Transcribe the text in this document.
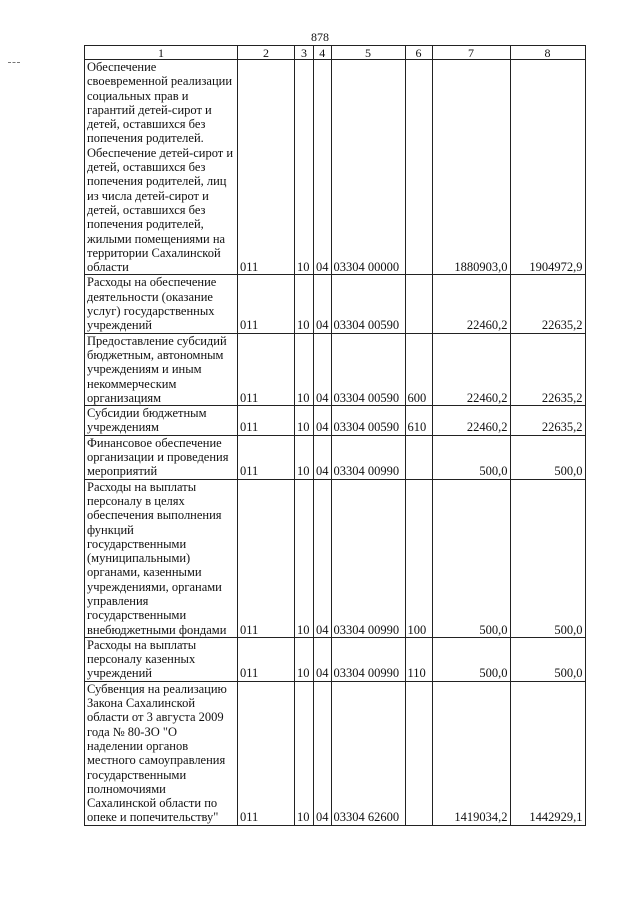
878
1	2	3	4	5	6	7	8
Обеспечение своевременной реализации социальных прав и гарантий детей-сирот и детей, оставшихся без попечения родителей. Обеспечение детей-сирот и детей, оставшихся без попечения родителей, лиц из числа детей-сирот и детей, оставшихся без попечения родителей, жилыми помещениями на территории Сахалинской области	011	10	04	03304 00000		1880903,0	1904972,9
Расходы на обеспечение деятельности (оказание услуг) государственных учреждений	011	10	04	03304 00590		22460,2	22635,2
Предоставление субсидий бюджетным, автономным учреждениям и иным некоммерческим организациям	011	10	04	03304 00590	600	22460,2	22635,2
Субсидии бюджетным учреждениям	011	10	04	03304 00590	610	22460,2	22635,2
Финансовое обеспечение организации и проведения мероприятий	011	10	04	03304 00990		500,0	500,0
Расходы на выплаты персоналу в целях обеспечения выполнения функций государственными (муниципальными) органами, казенными учреждениями, органами управления государственными внебюджетными фондами	011	10	04	03304 00990	100	500,0	500,0
Расходы на выплаты персоналу казенных учреждений	011	10	04	03304 00990	110	500,0	500,0
Субвенция на реализацию Закона Сахалинской области от 3 августа 2009 года № 80-ЗО "О наделении органов местного самоуправления государственными полномочиями Сахалинской области по опеке и попечительству"	011	10	04	03304 62600		1419034,2	1442929,1
